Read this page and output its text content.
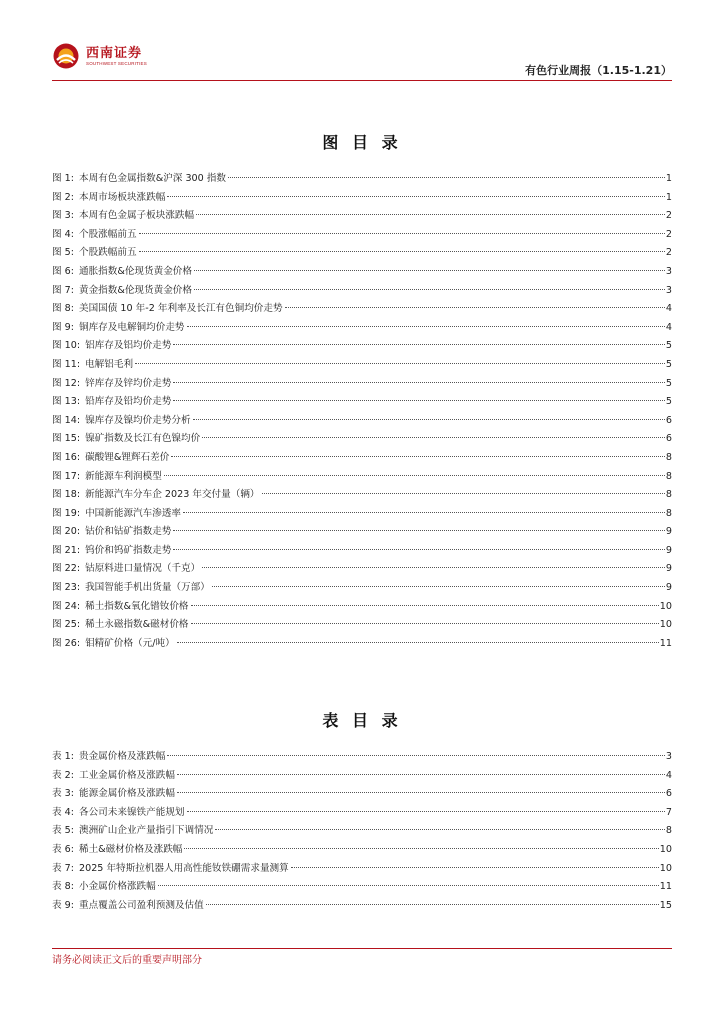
西南证券
SOUTHWEST SECURITIES
有色行业周报（1.15-1.21）
图 目 录
图 1: 本周有色金属指数&沪深 300 指数	1
图 2: 本周市场板块涨跌幅	1
图 3: 本周有色金属子板块涨跌幅	2
图 4: 个股涨幅前五	2
图 5: 个股跌幅前五	2
图 6: 通胀指数&伦现货黄金价格	3
图 7: 黄金指数&伦现货黄金价格	3
图 8: 美国国债 10 年-2 年利率及长江有色铜均价走势	4
图 9: 铜库存及电解铜均价走势	4
图 10: 铝库存及铝均价走势	5
图 11: 电解铝毛利	5
图 12: 锌库存及锌均价走势	5
图 13: 铅库存及铅均价走势	5
图 14: 镍库存及镍均价走势分析	6
图 15: 镍矿指数及长江有色镍均价	6
图 16: 碳酸锂&锂辉石差价	8
图 17: 新能源车利润模型	8
图 18: 新能源汽车分车企 2023 年交付量（辆）	8
图 19: 中国新能源汽车渗透率	8
图 20: 钴价和钴矿指数走势	9
图 21: 钨价和钨矿指数走势	9
图 22: 钴原料进口量情况（千克）	9
图 23: 我国智能手机出货量（万部）	9
图 24: 稀土指数&氧化镨钕价格	10
图 25: 稀土永磁指数&磁材价格	10
图 26: 钼精矿价格（元/吨）	11
表 目 录
表 1: 贵金属价格及涨跌幅	3
表 2: 工业金属价格及涨跌幅	4
表 3: 能源金属价格及涨跌幅	6
表 4: 各公司未来镍铁产能规划	7
表 5: 澳洲矿山企业产量指引下调情况	8
表 6: 稀土&磁材价格及涨跌幅	10
表 7: 2025 年特斯拉机器人用高性能钕铁硼需求量测算	10
表 8: 小金属价格涨跌幅	11
表 9: 重点覆盖公司盈利预测及估值	15
请务必阅读正文后的重要声明部分
